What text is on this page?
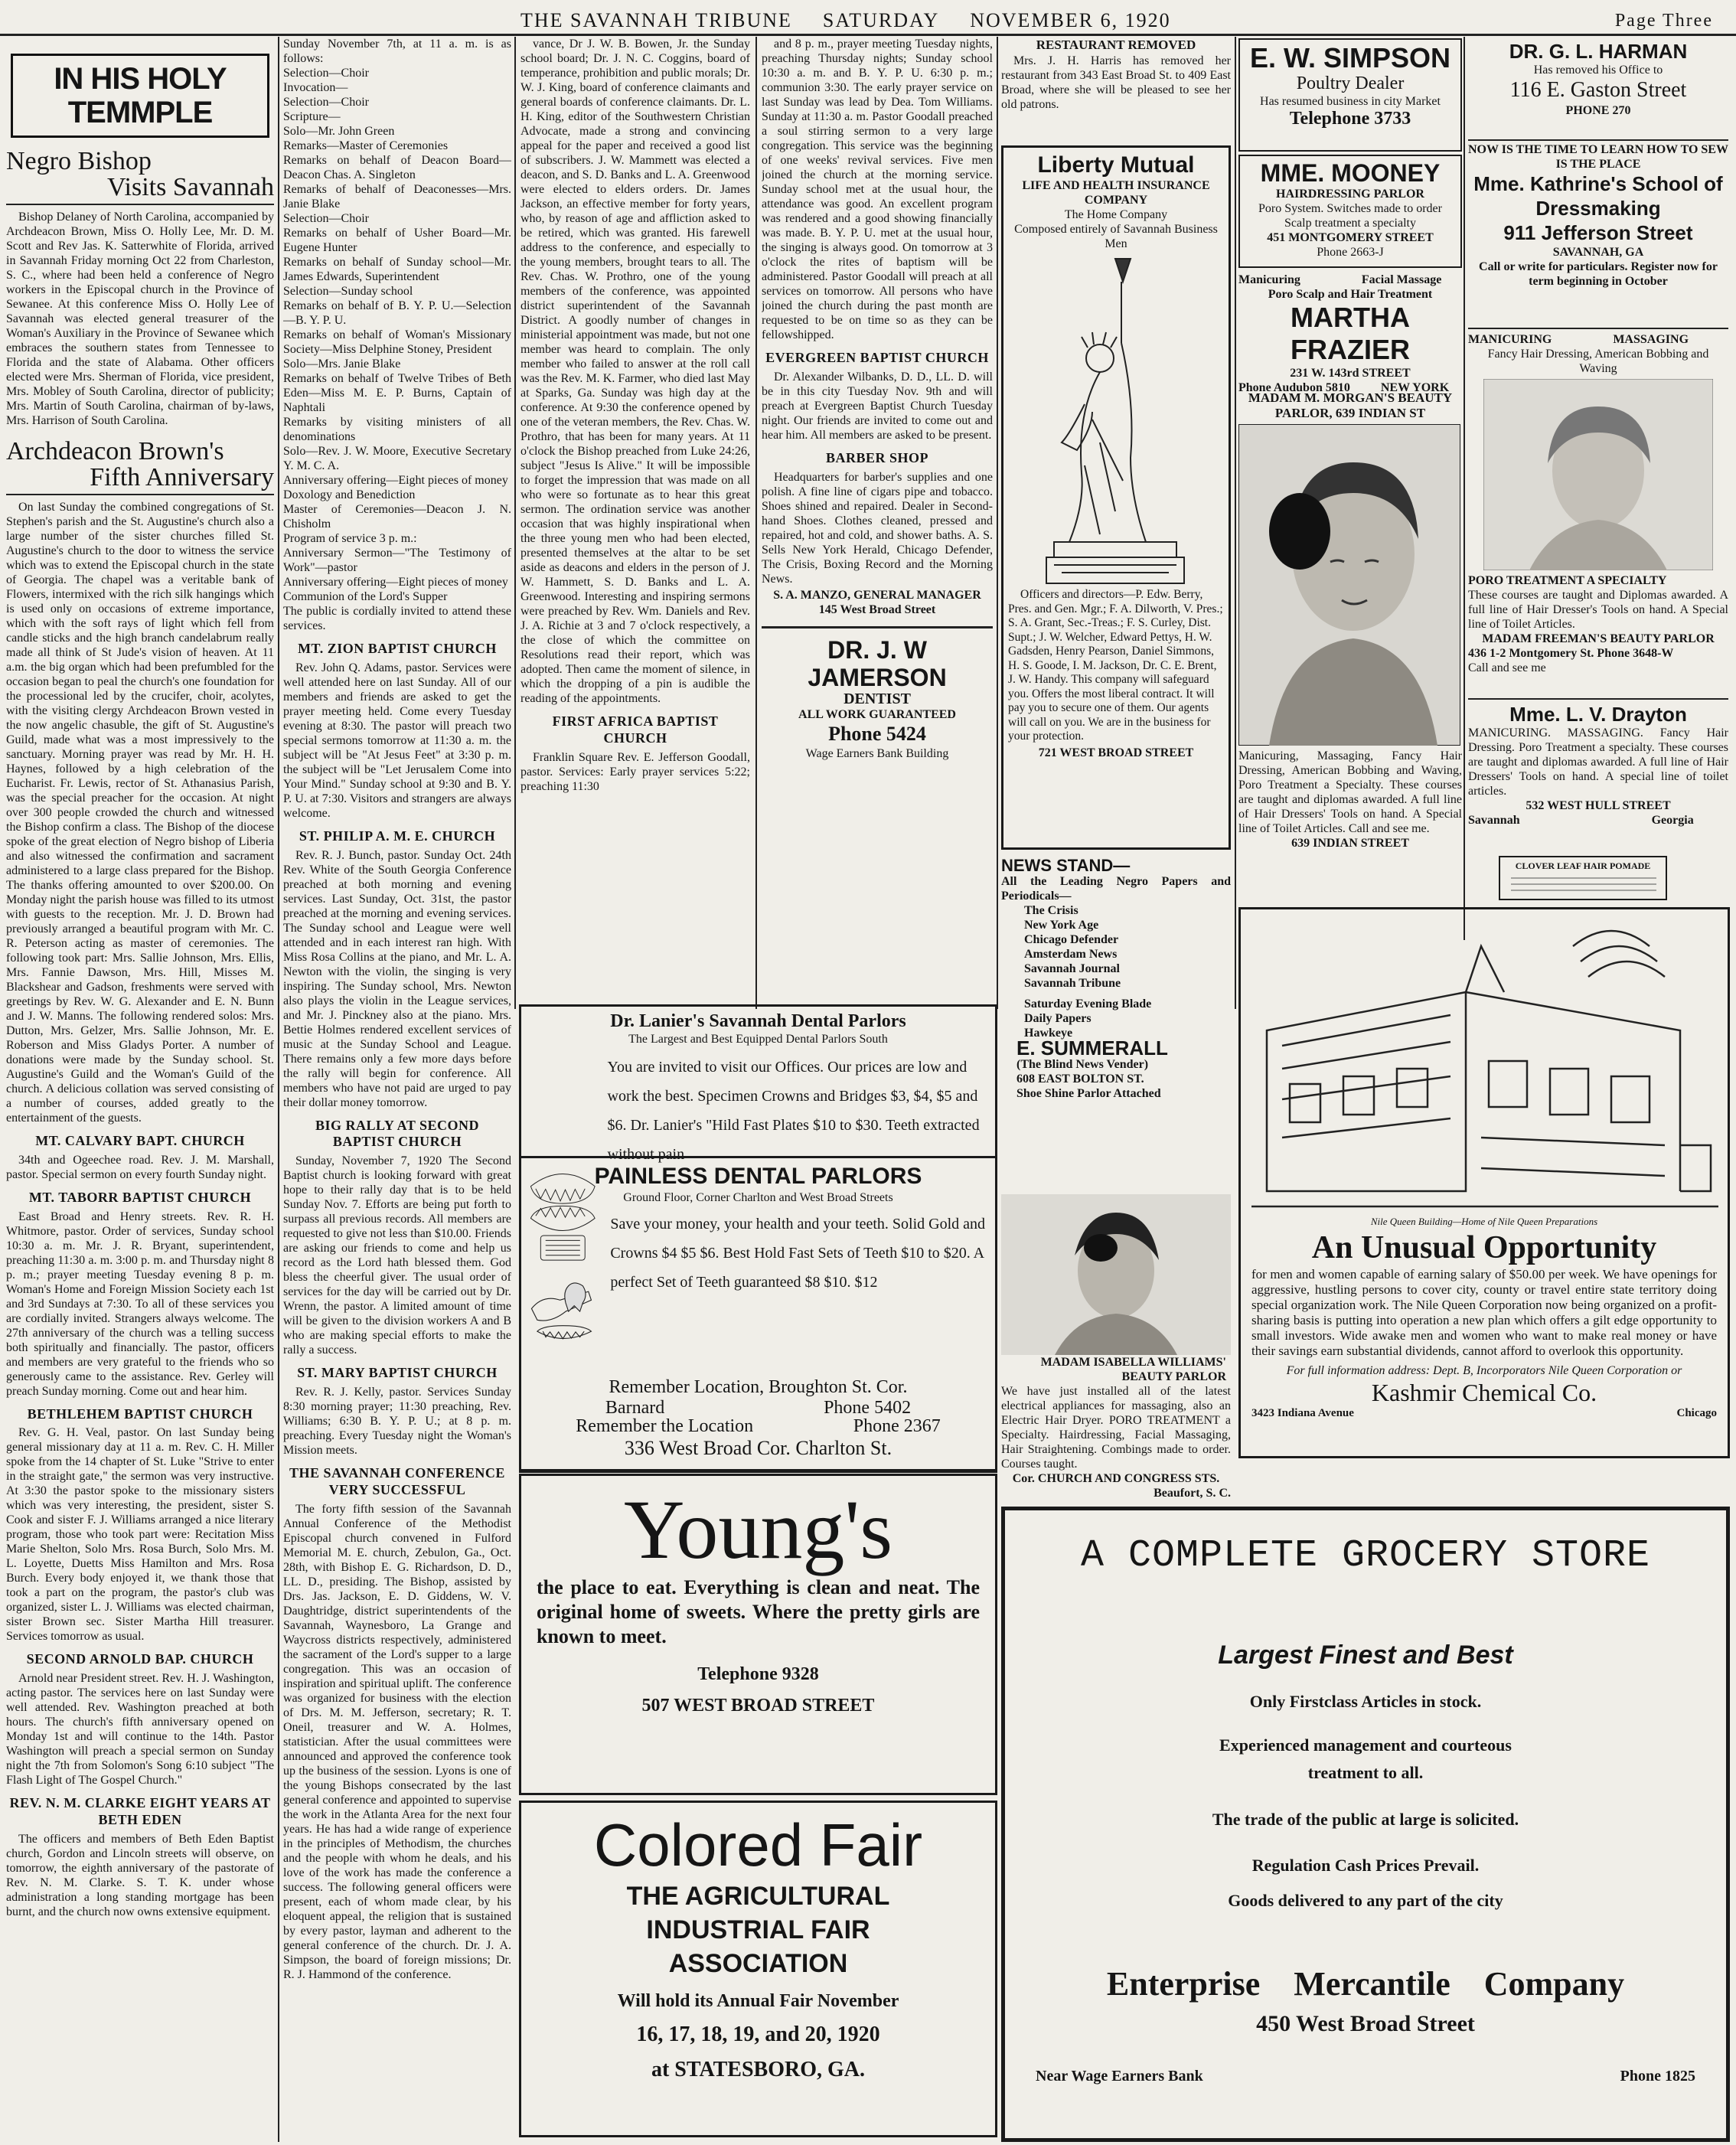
THE SAVANNAH TRIBUNE SATURDAY NOVEMBER 6, 1920	Page Three
IN HIS HOLY TEMMPLE
Negro Bishop
Visits Savannah

Bishop Delaney of North Carolina, accompanied by Archdeacon Brown, Miss O. Holly Lee, Mr. D. M. Scott and Rev Jas. K. Satterwhite of Florida, arrived in Savannah Friday morning Oct 22 from Charleston, S. C., where had been held a conference of Negro workers in the Episcopal church in the Province of Sewanee. At this conference Miss O. Holly Lee of Savannah was elected general treasurer of the Woman's Auxiliary in the Province of Sewanee which embraces the southern states from Tennessee to Florida and the state of Alabama. Other officers elected were Mrs. Sherman of Florida, vice president, Mrs. Mobley of South Carolina, director of publicity; Mrs. Martin of South Carolina, chairman of by-laws, Mrs. Harrison of South Carolina.

Archdeacon Brown's
Fifth Anniversary

On last Sunday the combined congregations of St. Stephen's parish and the St. Augustine's church also a large number of the sister churches filled St. Augustine's church to the door to witness the service which was to extend the Episcopal church in the state of Georgia. The chapel was a veritable bank of Flowers, intermixed with the rich silk hangings which is used only on occasions of extreme importance, which with the soft rays of light which fell from candle sticks and the high branch candelabrum really made all think of St Jude's vision of heaven. At 11 a.m. the big organ which had been prefumbled for the occasion began to peal the church's one foundation for the processional led by the crucifer, choir, acolytes, with the visiting clergy Archdeacon Brown vested in the now angelic chasuble, the gift of St. Augustine's Guild, made what was a most impressively to the sanctuary. Morning prayer was read by Mr. H. H. Haynes, followed by a high celebration of the Eucharist. Fr. Lewis, rector of St. Athanasius Parish, was the special preacher for the occasion. At night over 300 people crowded the church and witnessed the Bishop confirm a class. The Bishop of the diocese spoke of the great election of Negro bishop of Liberia and also witnessed the confirmation and sacrament administered to a large class prepared for the Bishop. The thanks offering amounted to over $200.00. On Monday night the parish house was filled to its utmost with guests to the reception. Mr. J. D. Brown had previously arranged a beautiful program with Mr. C. R. Peterson acting as master of ceremonies. The following took part: Mrs. Sallie Johnson, Mrs. Ellis, Mrs. Fannie Dawson, Mrs. Hill, Misses M. Blackshear and Gadson, freshments were served with greetings by Rev. W. G. Alexander and E. N. Bunn and J. W. Manns. The following rendered solos: Mrs. Dutton, Mrs. Gelzer, Mrs. Sallie Johnson, Mr. E. Roberson and Miss Gladys Porter. A number of donations were made by the Sunday school. St. Augustine's Guild and the Woman's Guild of the church. A delicious collation was served consisting of a number of courses, added greatly to the entertainment of the guests.

MT. CALVARY BAPT. CHURCH

34th and Ogeechee road. Rev. J. M. Marshall, pastor. Special sermon on every fourth Sunday night.

MT. TABORR BAPTIST CHURCH

East Broad and Henry streets. Rev. R. H. Whitmore, pastor. Order of services, Sunday school 10:30 a. m. Mr. J. R. Bryant, superintendent, preaching 11:30 a. m. 3:00 p. m. and Thursday night 8 p. m.; prayer meeting Tuesday evening 8 p. m. Woman's Home and Foreign Mission Society each 1st and 3rd Sundays at 7:30. To all of these services you are cordially invited. Strangers always welcome. The 27th anniversary of the church was a telling success both spiritually and financially. The pastor, officers and members are very grateful to the friends who so generously came to the assistance. Rev. Gerley will preach Sunday morning. Come out and hear him.

BETHLEHEM BAPTIST CHURCH

Rev. G. H. Veal, pastor. On last Sunday being general missionary day at 11 a. m. Rev. C. H. Miller spoke from the 14 chapter of St. Luke "Strive to enter in the straight gate," the sermon was very instructive. At 3:30 the pastor spoke to the missionary sisters which was very interesting, the president, sister S. Cook and sister F. J. Williams arranged a nice literary program, those who took part were: Recitation Miss Marie Shelton, Solo Mrs. Rosa Burch, Solo Mrs. M. L. Loyette, Duetts Miss Hamilton and Mrs. Rosa Burch. Every body enjoyed it, we thank those that took a part on the program, the pastor's club was organized, sister L. J. Williams was elected chairman, sister Brown sec. Sister Martha Hill treasurer. Services tomorrow as usual.

SECOND ARNOLD BAP. CHURCH

Arnold near President street. Rev. H. J. Washington, acting pastor. The services here on last Sunday were well attended. Rev. Washington preached at both hours. The church's fifth anniversary opened on Monday 1st and will continue to the 14th. Pastor Washington will preach a special sermon on Sunday night the 7th from Solomon's Song 6:10 subject "The Flash Light of The Gospel Church."

REV. N. M. CLARKE EIGHT YEARS AT BETH EDEN

The officers and members of Beth Eden Baptist church, Gordon and Lincoln streets will observe, on tomorrow, the eighth anniversary of the pastorate of Rev. N. M. Clarke. S. T. K. under whose administration a long standing mortgage has been burnt, and the church now owns extensive equipment.

Sunday November 7th, at 11 a. m. is as follows:

Selection—Choir
Invocation—
Selection—Choir
Scripture—
Solo—Mr. John Green
Remarks—Master of Ceremonies
Remarks on behalf of Deacon Board—Deacon Chas. A. Singleton
Remarks of behalf of Deaconesses—Mrs. Janie Blake
Selection—Choir
Remarks on behalf of Usher Board—Mr. Eugene Hunter
Remarks on behalf of Sunday school—Mr. James Edwards, Superintendent
Selection—Sunday school
Remarks on behalf of B. Y. P. U.—Selection—B. Y. P. U.
Remarks on behalf of Woman's Missionary Society—Miss Delphine Stoney, President
Solo—Mrs. Janie Blake
Remarks on behalf of Twelve Tribes of Beth Eden—Miss M. E. P. Burns, Captain of Naphtali
Remarks by visiting ministers of all denominations
Solo—Rev. J. W. Moore, Executive Secretary Y. M. C. A.
Anniversary offering—Eight pieces of money
Doxology and Benediction
Master of Ceremonies—Deacon J. N. Chisholm
Program of service 3 p. m.:
Anniversary Sermon—"The Testimony of Work"—pastor
Anniversary offering—Eight pieces of money
Communion of the Lord's Supper
The public is cordially invited to attend these services.
MT. ZION BAPTIST CHURCH

Rev. John Q. Adams, pastor. Services were well attended here on last Sunday. All of our members and friends are asked to get the prayer meeting held. Come every Tuesday evening at 8:30. The pastor will preach two special sermons tomorrow at 11:30 a. m. the subject will be "At Jesus Feet" at 3:30 p. m. the subject will be "Let Jerusalem Come into Your Mind." Sunday school at 9:30 and B. Y. P. U. at 7:30. Visitors and strangers are always welcome.

ST. PHILIP A. M. E. CHURCH

Rev. R. J. Bunch, pastor. Sunday Oct. 24th Rev. White of the South Georgia Conference preached at both morning and evening services. Last Sunday, Oct. 31st, the pastor preached at the morning and evening services. The Sunday school and League were well attended and in each interest ran high. With Miss Rosa Collins at the piano, and Mr. L. A. Newton with the violin, the singing is very inspiring. The Sunday school, Mrs. Newton also plays the violin in the League services, and Mr. J. Pinckney also at the piano. Mrs. Bettie Holmes rendered excellent services of music at the Sunday School and League. There remains only a few more days before the rally will begin for conference. All members who have not paid are urged to pay their dollar money tomorrow.

BIG RALLY AT SECOND BAPTIST CHURCH

Sunday, November 7, 1920 The Second Baptist church is looking forward with great hope to their rally day that is to be held Sunday Nov. 7. Efforts are being put forth to surpass all previous records. All members are requested to give not less than $10.00. Friends are asking our friends to come and help us record as the Lord hath blessed them. God bless the cheerful giver. The usual order of services for the day will be carried out by Dr. Wrenn, the pastor. A limited amount of time will be given to the division workers A and B who are making special efforts to make the rally a success.

ST. MARY BAPTIST CHURCH

Rev. R. J. Kelly, pastor. Services Sunday 8:30 morning prayer; 11:30 preaching, Rev. Williams; 6:30 B. Y. P. U.; at 8 p. m. preaching. Every Tuesday night the Woman's Mission meets.

THE SAVANNAH CONFERENCE VERY SUCCESSFUL

The forty fifth session of the Savannah Annual Conference of the Methodist Episcopal church convened in Fulford Memorial M. E. church, Zebulon, Ga., Oct. 28th, with Bishop E. G. Richardson, D. D., LL. D., presiding. The Bishop, assisted by Drs. Jas. Jackson, E. D. Giddens, W. V. Daughtridge, district superintendents of the Savannah, Waynesboro, La Grange and Waycross districts respectively, administered the sacrament of the Lord's supper to a large congregation. This was an occasion of inspiration and spiritual uplift. The conference was organized for business with the election of Drs. M. M. Jefferson, secretary; R. T. Oneil, treasurer and W. A. Holmes, statistician. After the usual committees were announced and approved the conference took up the business of the session. Lyons is one of the young Bishops consecrated by the last general conference and appointed to supervise the work in the Atlanta Area for the next four years. He has had a wide range of experience in the principles of Methodism, the churches and the people with whom he deals, and his love of the work has made the conference a success. The following general officers were present, each of whom made clear, by his eloquent appeal, the religion that is sustained by every pastor, layman and adherent to the general conference of the church. Dr. J. A. Simpson, the board of foreign missions; Dr. R. J. Hammond of the conference.

vance, Dr J. W. B. Bowen, Jr. the Sunday school board; Dr. J. N. C. Coggins, board of temperance, prohibition and public morals; Dr. W. J. King, board of conference claimants and general boards of conference claimants. Dr. L. H. King, editor of the Southwestern Christian Advocate, made a strong and convincing appeal for the paper and received a good list of subscribers. J. W. Mammett was elected a deacon, and S. D. Banks and L. A. Greenwood were elected to elders orders. Dr. James Jackson, an effective member for forty years, who, by reason of age and affliction asked to be retired, which was granted. His farewell address to the conference, and especially to the young members, brought tears to all. The Rev. Chas. W. Prothro, one of the young members of the conference, was appointed district superintendent of the Savannah District. A goodly number of changes in ministerial appointment was made, but not one member was heard to complain. The only member who failed to answer at the roll call was the Rev. M. K. Farmer, who died last May at Sparks, Ga. Sunday was high day at the conference. At 9:30 the conference opened by one of the veteran members, the Rev. Chas. W. Prothro, that has been for many years. At 11 o'clock the Bishop preached from Luke 24:26, subject "Jesus Is Alive." It will be impossible to forget the impression that was made on all who were so fortunate as to hear this great sermon. The ordination service was another occasion that was highly inspirational when the three young men who had been elected, presented themselves at the altar to be set aside as deacons and elders in the person of J. W. Hammett, S. D. Banks and L. A. Greenwood. Interesting and inspiring sermons were preached by Rev. Wm. Daniels and Rev. J. A. Richie at 3 and 7 o'clock respectively, a the close of which the committee on Resolutions read their report, which was adopted. Then came the moment of silence, in which the dropping of a pin is audible the reading of the appointments.

FIRST AFRICA BAPTIST CHURCH

Franklin Square Rev. E. Jefferson Goodall, pastor. Services: Early prayer services 5:22; preaching 11:30

and 8 p. m., prayer meeting Tuesday nights, preaching Thursday nights; Sunday school 10:30 a. m. and B. Y. P. U. 6:30 p. m.; communion 3:30. The early prayer service on last Sunday was lead by Dea. Tom Williams. Sunday at 11:30 a. m. Pastor Goodall preached a soul stirring sermon to a very large congregation. This service was the beginning of one weeks' revival services. Five men joined the church at the morning service. Sunday school met at the usual hour, the attendance was good. An excellent program was rendered and a good showing financially was made. B. Y. P. U. met at the usual hour, the singing is always good. On tomorrow at 3 o'clock the rites of baptism will be administered. Pastor Goodall will preach at all services on tomorrow. All persons who have joined the church during the past month are requested to be on time so as they can be fellowshipped.

EVERGREEN BAPTIST CHURCH

Dr. Alexander Wilbanks, D. D., LL. D. will be in this city Tuesday Nov. 9th and will preach at Evergreen Baptist Church Tuesday night. Our friends are invited to come out and hear him. All members are asked to be present.

BARBER SHOP

Headquarters for barber's supplies and one polish. A fine line of cigars pipe and tobacco. Shoes shined and repaired. Dealer in Second-hand Shoes. Clothes cleaned, pressed and repaired, hot and cold, and shower baths. A. S. Sells New York Herald, Chicago Defender, The Crisis, Boxing Record and the Morning News.

S. A. MANZO, GENERAL MANAGER
145 West Broad Street
DR. J. W JAMERSON
DENTIST
ALL WORK GUARANTEED
Phone 5424
Wage Earners Bank Building
RESTAURANT REMOVED

Mrs. J. H. Harris has removed her restaurant from 343 East Broad St. to 409 East Broad, where she will be pleased to see her old patrons.

Liberty Mutual
LIFE AND HEALTH INSURANCE COMPANY
The Home Company
Composed entirely of Savannah Business Men

Officers and directors—P. Edw. Berry, Pres. and Gen. Mgr.; F. A. Dilworth, V. Pres.; S. A. Grant, Sec.-Treas.; F. S. Curley, Dist. Supt.; J. W. Welcher, Edward Pettys, H. W. Gadsden, Henry Pearson, Daniel Simmons, H. S. Goode, I. M. Jackson, Dr. C. E. Brent, J. W. Handy. This company will safeguard you. Offers the most liberal contract. It will pay you to secure one of them. Our agents will call on you. We are in the business for your protection.

721 WEST BROAD STREET
NEWS STAND—
All the Leading Negro Papers and Periodicals—
The Crisis
New York Age
Chicago Defender
Amsterdam News
Savannah Journal
Savannah Tribune
Saturday Evening Blade
Daily Papers
Hawkeye
E. SUMMERALL
(The Blind News Vender)
608 EAST BOLTON ST.
Shoe Shine Parlor Attached
Dr. Lanier's Savannah Dental Parlors
The Largest and Best Equipped Dental Parlors South

You are invited to visit our Offices. Our prices are low and work the best. Specimen Crowns and Bridges $3, $4, $5 and $6. Dr. Lanier's "Hild Fast Plates $10 to $30. Teeth extracted without pain

Remember Location, Broughton St. Cor.
Barnard	Phone 5402
PAINLESS DENTAL PARLORS
Ground Floor, Corner Charlton and West Broad Streets

Save your money, your health and your teeth. Solid Gold and Crowns $4 $5 $6. Best Hold Fast Sets of Teeth $10 to $20. A perfect Set of Teeth guaranteed $8 $10. $12

Remember the Location	Phone 2367
336 West Broad Cor. Charlton St.
Young's

the place to eat. Everything is clean and neat. The original home of sweets. Where the pretty girls are known to meet.

Telephone 9328
507 WEST BROAD STREET
Colored Fair
THE AGRICULTURAL INDUSTRIAL FAIR ASSOCIATION
Will hold its Annual Fair November
16, 17, 18, 19, and 20, 1920
at STATESBORO, GA.
E. W. SIMPSON
Poultry Dealer
Has resumed business in city Market
Telephone 3733
MME. MOONEY
HAIRDRESSING PARLOR
Poro System. Switches made to order
Scalp treatment a specialty
451 MONTGOMERY STREET
Phone 2663-J
Manicuring                    Facial Massage
Poro Scalp and Hair Treatment
MARTHA FRAZIER
231 W. 143rd STREET
Phone Audubon 5810          NEW YORK
MADAM M. MORGAN'S BEAUTY PARLOR, 639 INDIAN ST

Manicuring, Massaging, Fancy Hair Dressing, American Bobbing and Waving, Poro Treatment a Specialty. These courses are taught and diplomas awarded. A full line of Hair Dressers' Tools on hand. A Special line of Toilet Articles. Call and see me.

639 INDIAN STREET
MADAM ISABELLA WILLIAMS' BEAUTY PARLOR

We have just installed all of the latest electrical appliances for massaging, also an Electric Hair Dryer. PORO TREATMENT a Specialty. Hairdressing, Facial Massaging, Hair Straightening. Combings made to order. Courses taught.

Cor. CHURCH AND CONGRESS STS.
Beaufort, S. C.
DR. G. L. HARMAN
Has removed his Office to
116 E. Gaston Street
PHONE 270
NOW IS THE TIME TO LEARN HOW TO SEW
IS THE PLACE
Mme. Kathrine's School of Dressmaking
911 Jefferson Street
SAVANNAH, GA
Call or write for particulars. Register now for term beginning in October
MANICURING                    MASSAGING
Fancy Hair Dressing, American Bobbing and Waving
PORO TREATMENT A SPECIALTY

These courses are taught and Diplomas awarded. A full line of Hair Dresser's Tools on hand. A Special line of Toilet Articles.

MADAM FREEMAN'S BEAUTY PARLOR
436 1-2 Montgomery St. Phone 3648-W
Call and see me
Mme. L. V. Drayton

MANICURING. MASSAGING. Fancy Hair Dressing. Poro Treatment a specialty. These courses are taught and diplomas awarded. A full line of Hair Dressers' Tools on hand. A special line of toilet articles.

532 WEST HULL STREET
Savannah                                           Georgia
CLOVER LEAF HAIR POMADE
Nile Queen Building—Home of Nile Queen Preparations
An Unusual Opportunity

for men and women capable of earning salary of $50.00 per week. We have openings for aggressive, hustling persons to cover city, county or travel entire state territory doing special organization work. The Nile Queen Corporation now being organized on a profit-sharing basis is putting into operation a new plan which offers a gilt edge opportunity to small investors. Wide awake men and women who want to make real money or have their savings earn substantial dividends, cannot afford to overlook this opportunity.

For full information address: Dept. B, Incorporators Nile Queen Corporation or
Kashmir Chemical Co.
3423 Indiana Avenue	Chicago
A COMPLETE GROCERY STORE
Largest Finest and Best
Only Firstclass Articles in stock.
Experienced management and courteous treatment to all.
The trade of the public at large is solicited.
Regulation Cash Prices Prevail.
Goods delivered to any part of the city
Enterprise    Mercantile    Company
450 West Broad Street
Near Wage Earners Bank	Phone 1825
